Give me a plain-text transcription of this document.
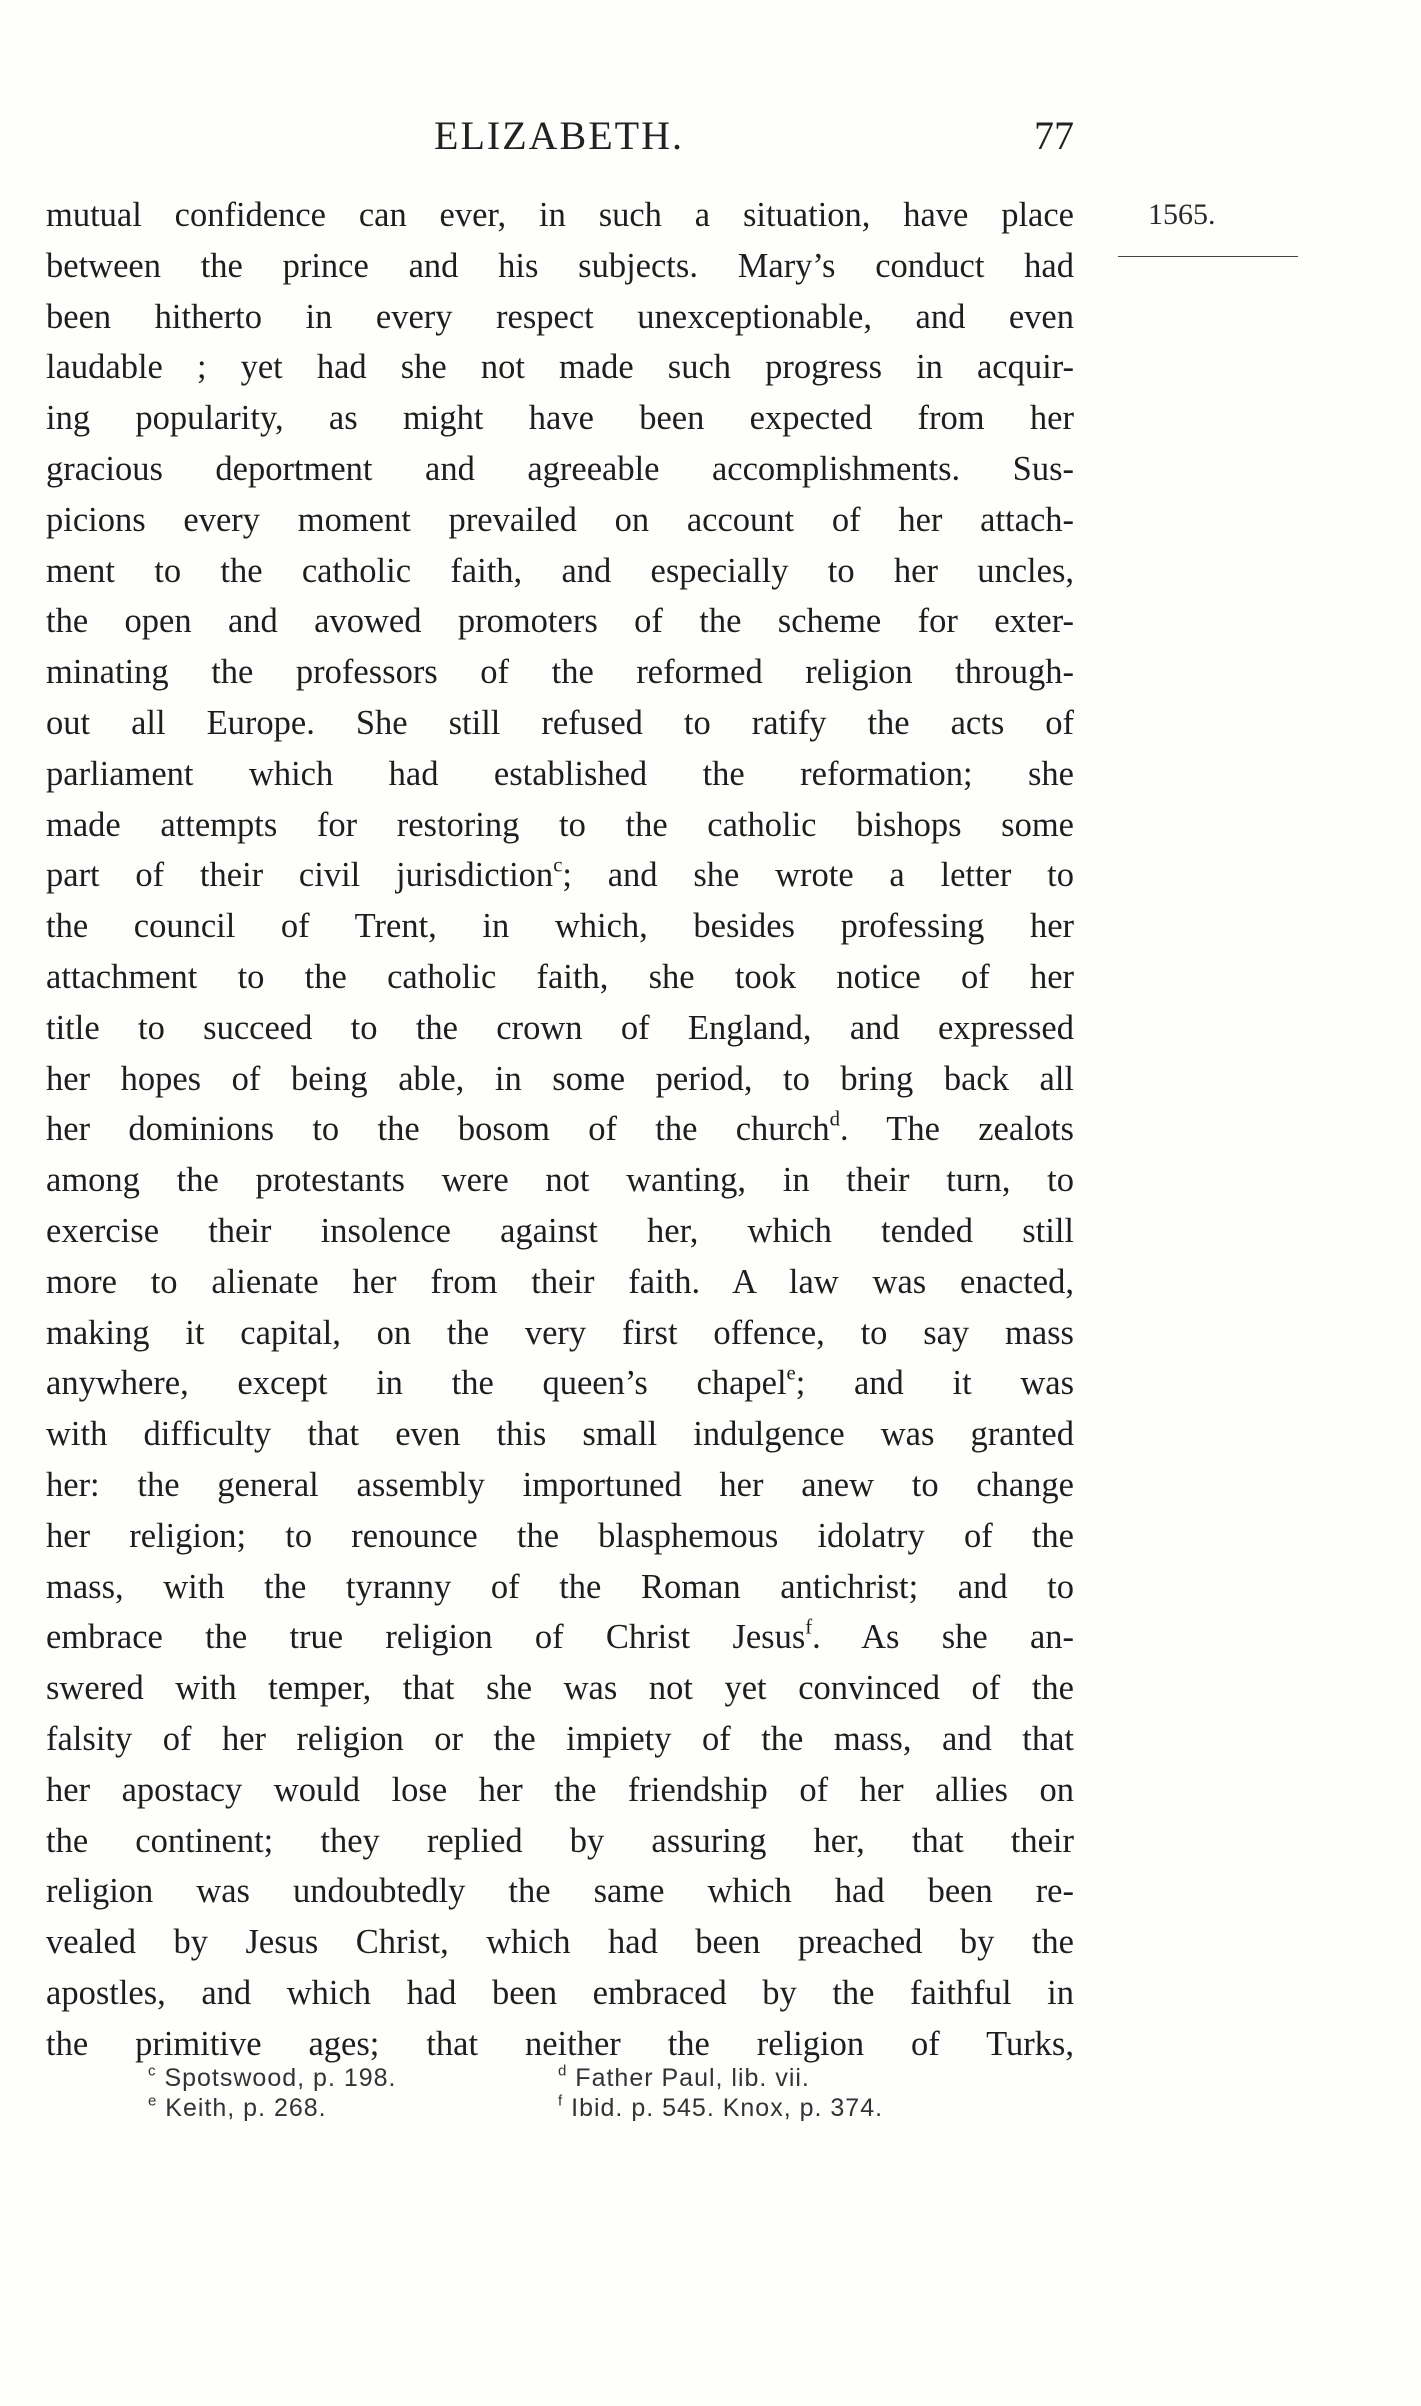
ELIZABETH.	77
1565.
mutual confidence can ever, in such a situation, have place
between the prince and his subjects. Mary’s conduct had
been hitherto in every respect unexceptionable, and even
laudable ; yet had she not made such progress in acquir-
ing popularity, as might have been expected from her
gracious deportment and agreeable accomplishments. Sus-
picions every moment prevailed on account of her attach-
ment to the catholic faith, and especially to her uncles,
the open and avowed promoters of the scheme for exter-
minating the professors of the reformed religion through-
out all Europe. She still refused to ratify the acts of
parliament which had established the reformation; she
made attempts for restoring to the catholic bishops some
part of their civil jurisdiction$^c$; and she wrote a letter to
the council of Trent, in which, besides professing her
attachment to the catholic faith, she took notice of her
title to succeed to the crown of England, and expressed
her hopes of being able, in some period, to bring back all
her dominions to the bosom of the church$^d$. The zealots
among the protestants were not wanting, in their turn, to
exercise their insolence against her, which tended still
more to alienate her from their faith. A law was enacted,
making it capital, on the very first offence, to say mass
anywhere, except in the queen’s chapel$^e$; and it was
with difficulty that even this small indulgence was granted
her: the general assembly importuned her anew to change
her religion; to renounce the blasphemous idolatry of the
mass, with the tyranny of the Roman antichrist; and to
embrace the true religion of Christ Jesus$^f$. As she an-
swered with temper, that she was not yet convinced of the
falsity of her religion or the impiety of the mass, and that
her apostacy would lose her the friendship of her allies on
the continent; they replied by assuring her, that their
religion was undoubtedly the same which had been re-
vealed by Jesus Christ, which had been preached by the
apostles, and which had been embraced by the faithful in
the primitive ages; that neither the religion of Turks,
$^c$ Spotswood, p. 198.	$^d$ Father Paul, lib. vii.
$^e$ Keith, p. 268.	$^f$ Ibid. p. 545. Knox, p. 374.
